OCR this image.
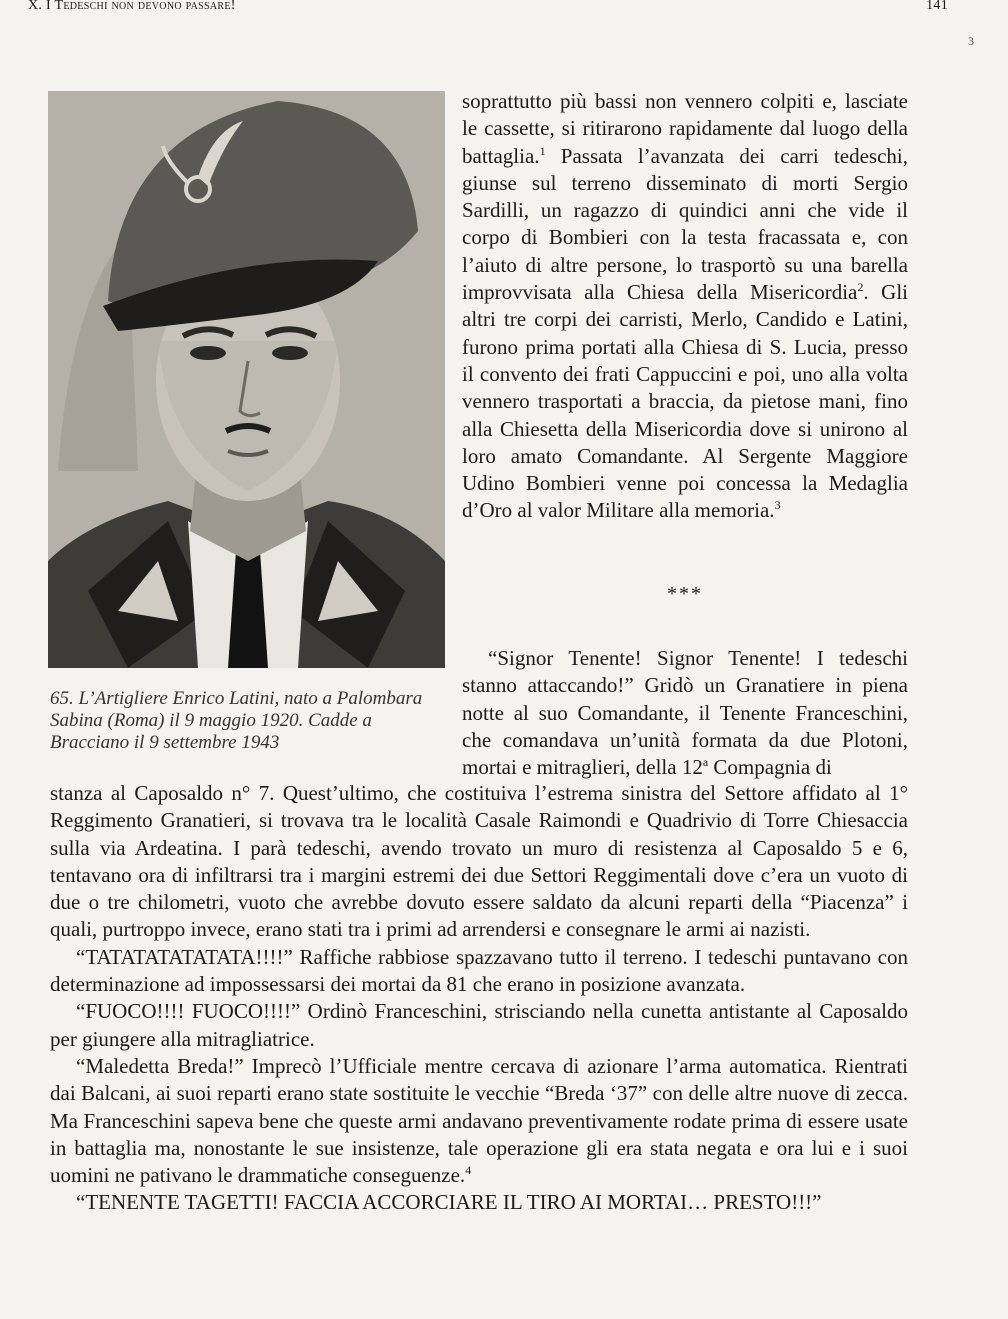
X. I Tedeschi non devono passare!	141
3
65. L’Artigliere Enrico Latini, nato a Palombara Sabina (Roma) il 9 maggio 1920. Cadde a Bracciano il 9 settembre 1943

soprattutto più bassi non vennero colpiti e, lasciate le cassette, si ritirarono rapidamente dal luogo della battaglia.$^1$ Passata l’avanzata dei carri tedeschi, giunse sul terreno disseminato di morti Sergio Sardilli, un ragazzo di quindici anni che vide il corpo di Bombieri con la testa fracassata e, con l’aiuto di altre persone, lo trasportò su una barella improvvisata alla Chiesa della Misericordia$^2$. Gli altri tre corpi dei carristi, Merlo, Candido e Latini, furono prima portati alla Chiesa di S. Lucia, presso il convento dei frati Cappuccini e poi, uno alla volta vennero trasportati a braccia, da pietose mani, fino alla Chiesetta della Misericordia dove si unirono al loro amato Comandante. Al Sergente Maggiore Udino Bombieri venne poi concessa la Medaglia d’Oro al valor Militare alla memoria.$^3$

***

“Signor Tenente! Signor Tenente! I tedeschi stanno attaccando!” Gridò un Granatiere in piena notte al suo Comandante, il Tenente Franceschini, che comandava un’unità formata da due Plotoni, mortai e mitraglieri, della 12$^a$ Compagnia di

stanza al Caposaldo n° 7. Quest’ultimo, che costituiva l’estrema sinistra del Settore affidato al 1° Reggimento Granatieri, si trovava tra le località Casale Raimondi e Quadrivio di Torre Chiesaccia sulla via Ardeatina. I parà tedeschi, avendo trovato un muro di resistenza al Caposaldo 5 e 6, tentavano ora di infiltrarsi tra i margini estremi dei due Settori Reggimentali dove c’era un vuoto di due o tre chilometri, vuoto che avrebbe dovuto essere saldato da alcuni reparti della “Piacenza” i quali, purtroppo invece, erano stati tra i primi ad arrendersi e consegnare le armi ai nazisti.

“TATATATATATATA!!!!” Raffiche rabbiose spazzavano tutto il terreno. I tedeschi puntavano con determinazione ad impossessarsi dei mortai da 81 che erano in posizione avanzata.

“FUOCO!!!! FUOCO!!!!” Ordinò Franceschini, strisciando nella cunetta antistante al Caposaldo per giungere alla mitragliatrice.

“Maledetta Breda!” Imprecò l’Ufficiale mentre cercava di azionare l’arma automatica. Rientrati dai Balcani, ai suoi reparti erano state sostituite le vecchie “Breda ‘37” con delle altre nuove di zecca. Ma Franceschini sapeva bene che queste armi andavano preventivamente rodate prima di essere usate in battaglia ma, nonostante le sue insistenze, tale operazione gli era stata negata e ora lui e i suoi uomini ne pativano le drammatiche conseguenze.$^4$

“TENENTE TAGETTI! FACCIA ACCORCIARE IL TIRO AI MORTAI… PRESTO!!!”
